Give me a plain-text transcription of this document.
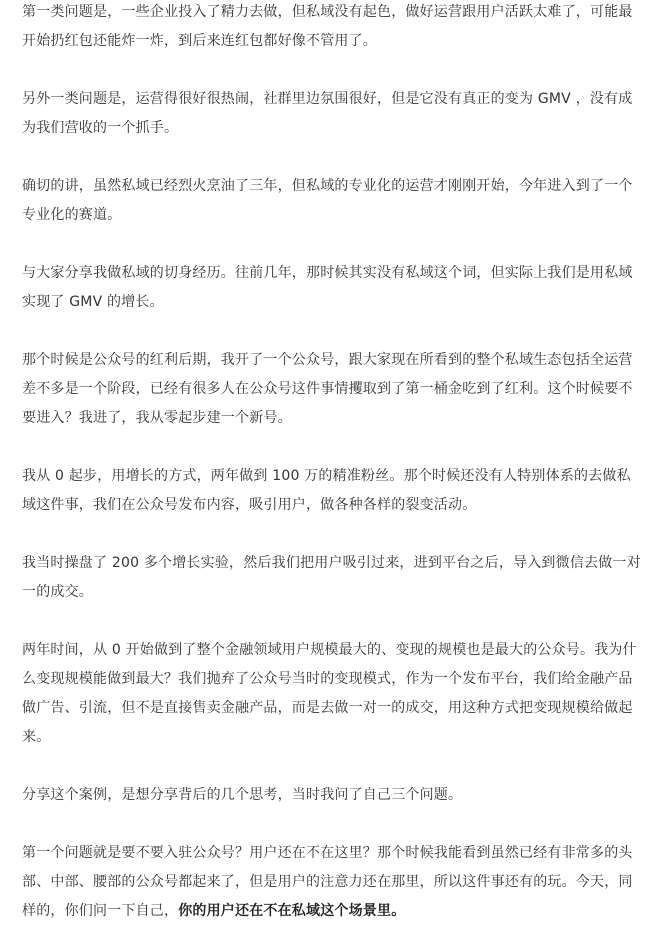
第一类问题是，一些企业投入了精力去做，但私域没有起色，做好运营跟用户活跃太难了，可能最开始扔红包还能炸一炸，到后来连红包都好像不管用了。

另外一类问题是，运营得很好很热闹，社群里边氛围很好，但是它没有真正的变为 GMV ，没有成为我们营收的一个抓手。

确切的讲，虽然私域已经烈火烹油了三年，但私域的专业化的运营才刚刚开始，今年进入到了一个专业化的赛道。

与大家分享我做私域的切身经历。往前几年，那时候其实没有私域这个词，但实际上我们是用私域实现了 GMV 的增长。

那个时候是公众号的红利后期，我开了一个公众号，跟大家现在所看到的整个私域生态包括全运营差不多是一个阶段，已经有很多人在公众号这件事情攫取到了第一桶金吃到了红利。这个时候要不要进入？我进了，我从零起步建一个新号。

我从 0 起步，用增长的方式，两年做到 100 万的精准粉丝。那个时候还没有人特别体系的去做私域这件事，我们在公众号发布内容，吸引用户，做各种各样的裂变活动。

我当时操盘了 200 多个增长实验，然后我们把用户吸引过来，进到平台之后，导入到微信去做一对一的成交。

两年时间，从 0 开始做到了整个金融领域用户规模最大的、变现的规模也是最大的公众号。我为什么变现规模能做到最大？我们抛弃了公众号当时的变现模式，作为一个发布平台，我们给金融产品做广告、引流，但不是直接售卖金融产品，而是去做一对一的成交，用这种方式把变现规模给做起来。

分享这个案例，是想分享背后的几个思考，当时我问了自己三个问题。

第一个问题就是要不要入驻公众号？用户还在不在这里？那个时候我能看到虽然已经有非常多的头部、中部、腰部的公众号都起来了，但是用户的注意力还在那里，所以这件事还有的玩。今天，同样的，你们问一下自己，你的用户还在不在私域这个场景里。
